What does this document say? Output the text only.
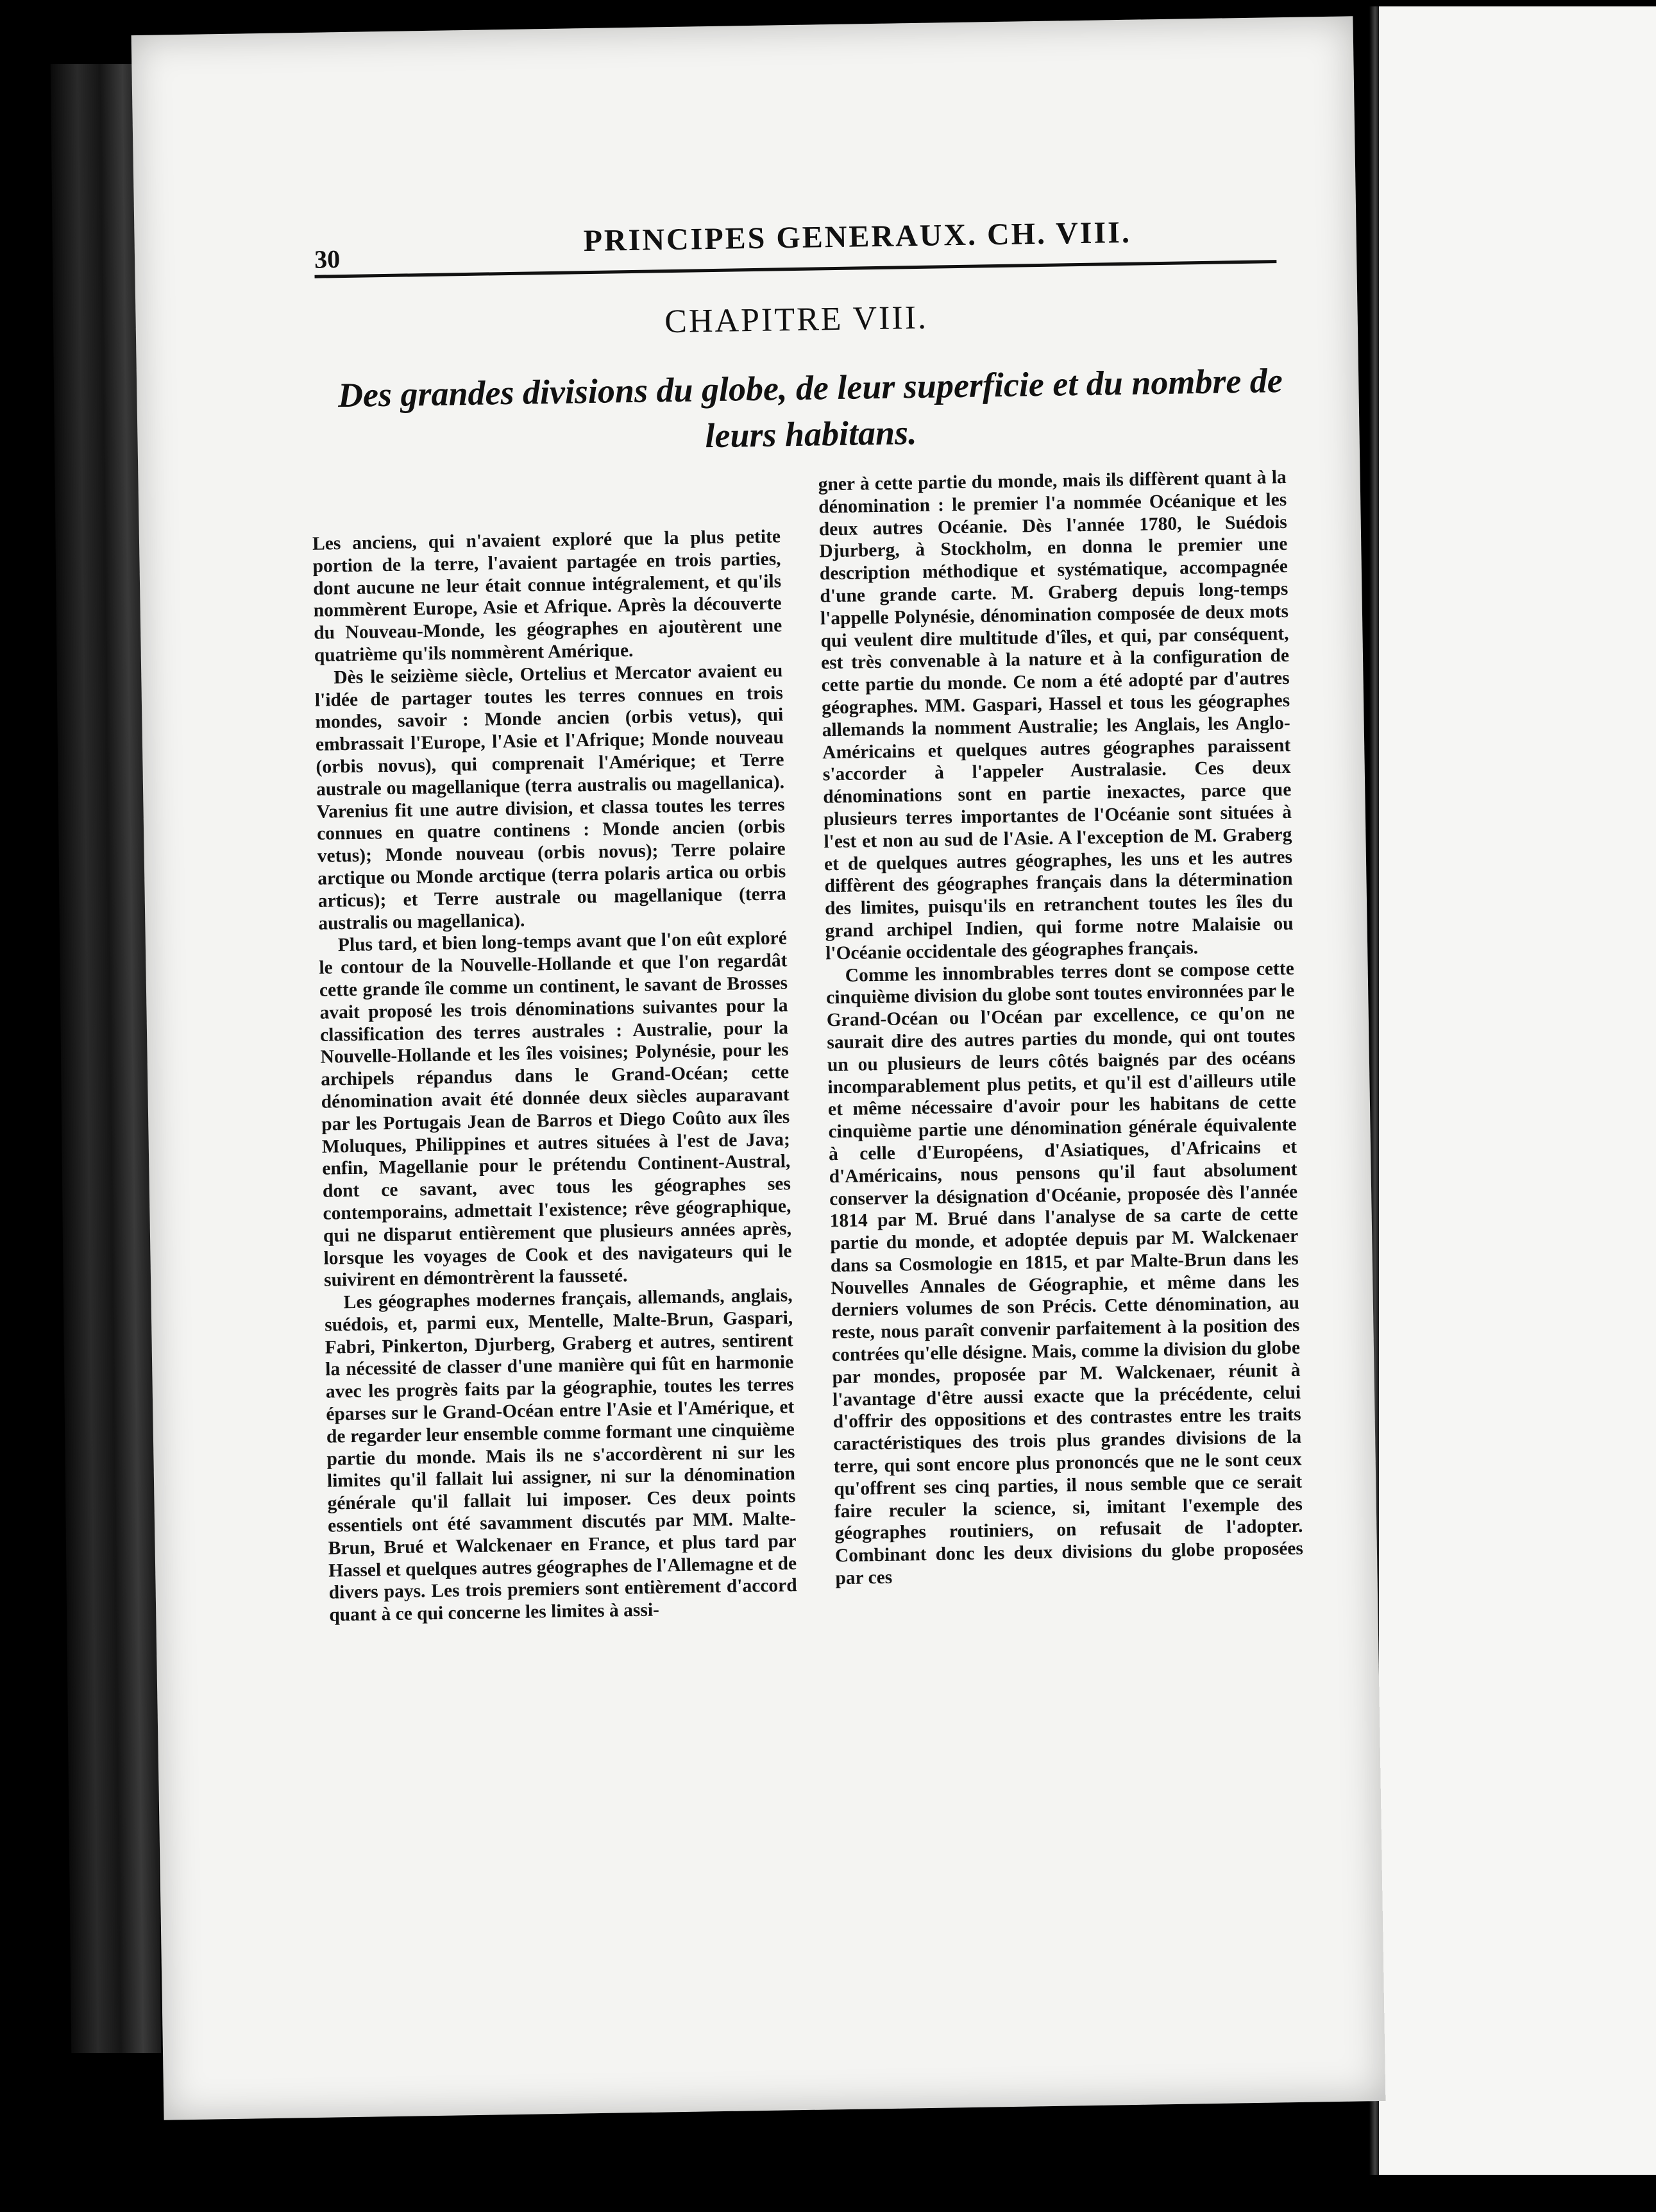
30
PRINCIPES GENERAUX. CH. VIII.
CHAPITRE VIII.
Des grandes divisions du globe, de leur superficie et du nombre de leurs habitans.

Les anciens, qui n'avaient exploré que la plus petite portion de la terre, l'avaient partagée en trois parties, dont aucune ne leur était connue intégralement, et qu'ils nommèrent Europe, Asie et Afrique. Après la découverte du Nouveau-Monde, les géographes en ajoutèrent une quatrième qu'ils nommèrent Amérique.

Dès le seizième siècle, Ortelius et Mercator avaient eu l'idée de partager toutes les terres connues en trois mondes, savoir : Monde ancien (orbis vetus), qui embrassait l'Europe, l'Asie et l'Afrique; Monde nouveau (orbis novus), qui comprenait l'Amérique; et Terre australe ou magellanique (terra australis ou magellanica). Varenius fit une autre division, et classa toutes les terres connues en quatre continens : Monde ancien (orbis vetus); Monde nouveau (orbis novus); Terre polaire arctique ou Monde arctique (terra polaris artica ou orbis articus); et Terre australe ou magellanique (terra australis ou magellanica).

Plus tard, et bien long-temps avant que l'on eût exploré le contour de la Nouvelle-Hollande et que l'on regardât cette grande île comme un continent, le savant de Brosses avait proposé les trois dénominations suivantes pour la classification des terres australes : Australie, pour la Nouvelle-Hollande et les îles voisines; Polynésie, pour les archipels répandus dans le Grand-Océan; cette dénomination avait été donnée deux siècles auparavant par les Portugais Jean de Barros et Diego Coûto aux îles Moluques, Philippines et autres situées à l'est de Java; enfin, Magellanie pour le prétendu Continent-Austral, dont ce savant, avec tous les géographes ses contemporains, admettait l'existence; rêve géographique, qui ne disparut entièrement que plusieurs années après, lorsque les voyages de Cook et des navigateurs qui le suivirent en démontrèrent la fausseté.

Les géographes modernes français, allemands, anglais, suédois, et, parmi eux, Mentelle, Malte-Brun, Gaspari, Fabri, Pinkerton, Djurberg, Graberg et autres, sentirent la nécessité de classer d'une manière qui fût en harmonie avec les progrès faits par la géographie, toutes les terres éparses sur le Grand-Océan entre l'Asie et l'Amérique, et de regarder leur ensemble comme formant une cinquième partie du monde. Mais ils ne s'accordèrent ni sur les limites qu'il fallait lui assigner, ni sur la dénomination générale qu'il fallait lui imposer. Ces deux points essentiels ont été savamment discutés par MM. Malte-Brun, Brué et Walckenaer en France, et plus tard par Hassel et quelques autres géographes de l'Allemagne et de divers pays. Les trois premiers sont entièrement d'accord quant à ce qui concerne les limites à assi-

gner à cette partie du monde, mais ils diffèrent quant à la dénomination : le premier l'a nommée Océanique et les deux autres Océanie. Dès l'année 1780, le Suédois Djurberg, à Stockholm, en donna le premier une description méthodique et systématique, accompagnée d'une grande carte. M. Graberg depuis long-temps l'appelle Polynésie, dénomination composée de deux mots qui veulent dire multitude d'îles, et qui, par conséquent, est très convenable à la nature et à la configuration de cette partie du monde. Ce nom a été adopté par d'autres géographes. MM. Gaspari, Hassel et tous les géographes allemands la nomment Australie; les Anglais, les Anglo-Américains et quelques autres géographes paraissent s'accorder à l'appeler Australasie. Ces deux dénominations sont en partie inexactes, parce que plusieurs terres importantes de l'Océanie sont situées à l'est et non au sud de l'Asie. A l'exception de M. Graberg et de quelques autres géographes, les uns et les autres diffèrent des géographes français dans la détermination des limites, puisqu'ils en retranchent toutes les îles du grand archipel Indien, qui forme notre Malaisie ou l'Océanie occidentale des géographes français.

Comme les innombrables terres dont se compose cette cinquième division du globe sont toutes environnées par le Grand-Océan ou l'Océan par excellence, ce qu'on ne saurait dire des autres parties du monde, qui ont toutes un ou plusieurs de leurs côtés baignés par des océans incomparablement plus petits, et qu'il est d'ailleurs utile et même nécessaire d'avoir pour les habitans de cette cinquième partie une dénomination générale équivalente à celle d'Européens, d'Asiatiques, d'Africains et d'Américains, nous pensons qu'il faut absolument conserver la désignation d'Océanie, proposée dès l'année 1814 par M. Brué dans l'analyse de sa carte de cette partie du monde, et adoptée depuis par M. Walckenaer dans sa Cosmologie en 1815, et par Malte-Brun dans les Nouvelles Annales de Géographie, et même dans les derniers volumes de son Précis. Cette dénomination, au reste, nous paraît convenir parfaitement à la position des contrées qu'elle désigne. Mais, comme la division du globe par mondes, proposée par M. Walckenaer, réunit à l'avantage d'être aussi exacte que la précédente, celui d'offrir des oppositions et des contrastes entre les traits caractéristiques des trois plus grandes divisions de la terre, qui sont encore plus prononcés que ne le sont ceux qu'offrent ses cinq parties, il nous semble que ce serait faire reculer la science, si, imitant l'exemple des géographes routiniers, on refusait de l'adopter. Combinant donc les deux divisions du globe proposées par ces
